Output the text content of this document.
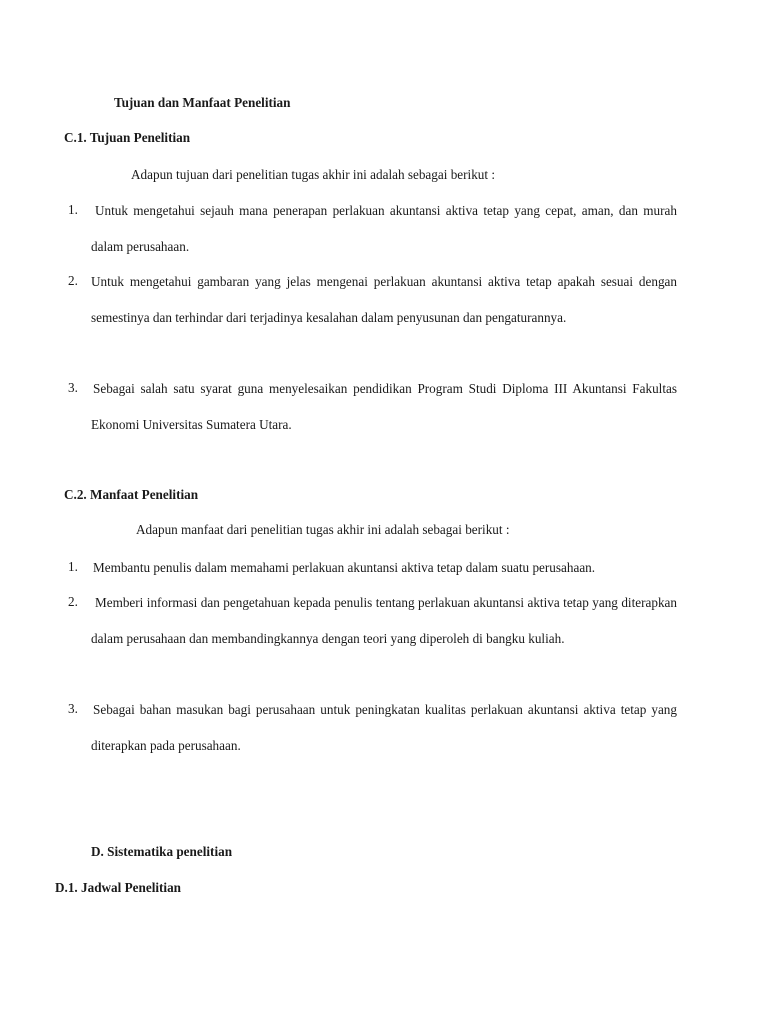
Tujuan dan Manfaat Penelitian
C.1. Tujuan Penelitian
Adapun tujuan dari penelitian tugas akhir ini adalah sebagai berikut :
1.	Untuk mengetahui sejauh mana penerapan perlakuan akuntansi aktiva tetap yang cepat, aman, dan murah dalam perusahaan.
2. Untuk mengetahui gambaran yang jelas mengenai perlakuan akuntansi aktiva tetap apakah sesuai dengan semestinya dan terhindar dari terjadinya kesalahan dalam penyusunan dan pengaturannya.
3. Sebagai salah satu syarat guna menyelesaikan pendidikan Program Studi Diploma III Akuntansi Fakultas Ekonomi Universitas Sumatera Utara.
C.2. Manfaat Penelitian
Adapun manfaat dari penelitian tugas akhir ini adalah sebagai berikut :
1. Membantu penulis dalam memahami perlakuan akuntansi aktiva tetap dalam suatu perusahaan.
2.	Memberi informasi dan pengetahuan kepada penulis tentang perlakuan akuntansi aktiva tetap yang diterapkan dalam perusahaan dan membandingkannya dengan teori yang diperoleh di bangku kuliah.
3. Sebagai bahan masukan bagi perusahaan untuk peningkatan kualitas perlakuan akuntansi aktiva tetap yang diterapkan pada perusahaan.
D. Sistematika penelitian
D.1. Jadwal Penelitian
